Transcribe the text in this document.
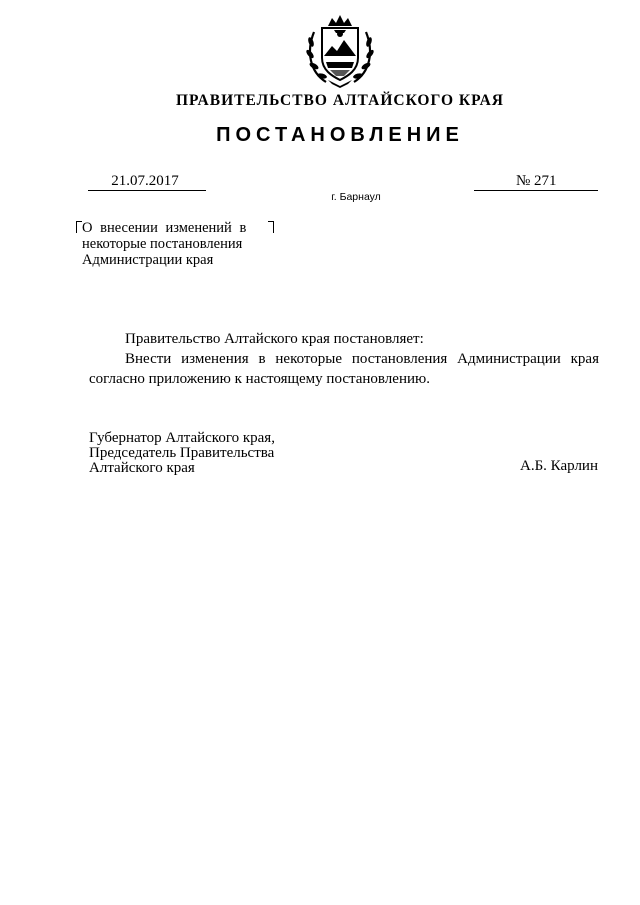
ПРАВИТЕЛЬСТВО АЛТАЙСКОГО КРАЯ
ПОСТАНОВЛЕНИЕ
21.07.2017	№ 271
г. Барнаул
О внесении изменений в
некоторые постановления
Администрации края

Правительство Алтайского края постановляет:

Внести изменения в некоторые постановления Администрации края согласно приложению к настоящему постановлению.

Губернатор Алтайского края,
Председатель Правительства
Алтайского края	А.Б. Карлин
